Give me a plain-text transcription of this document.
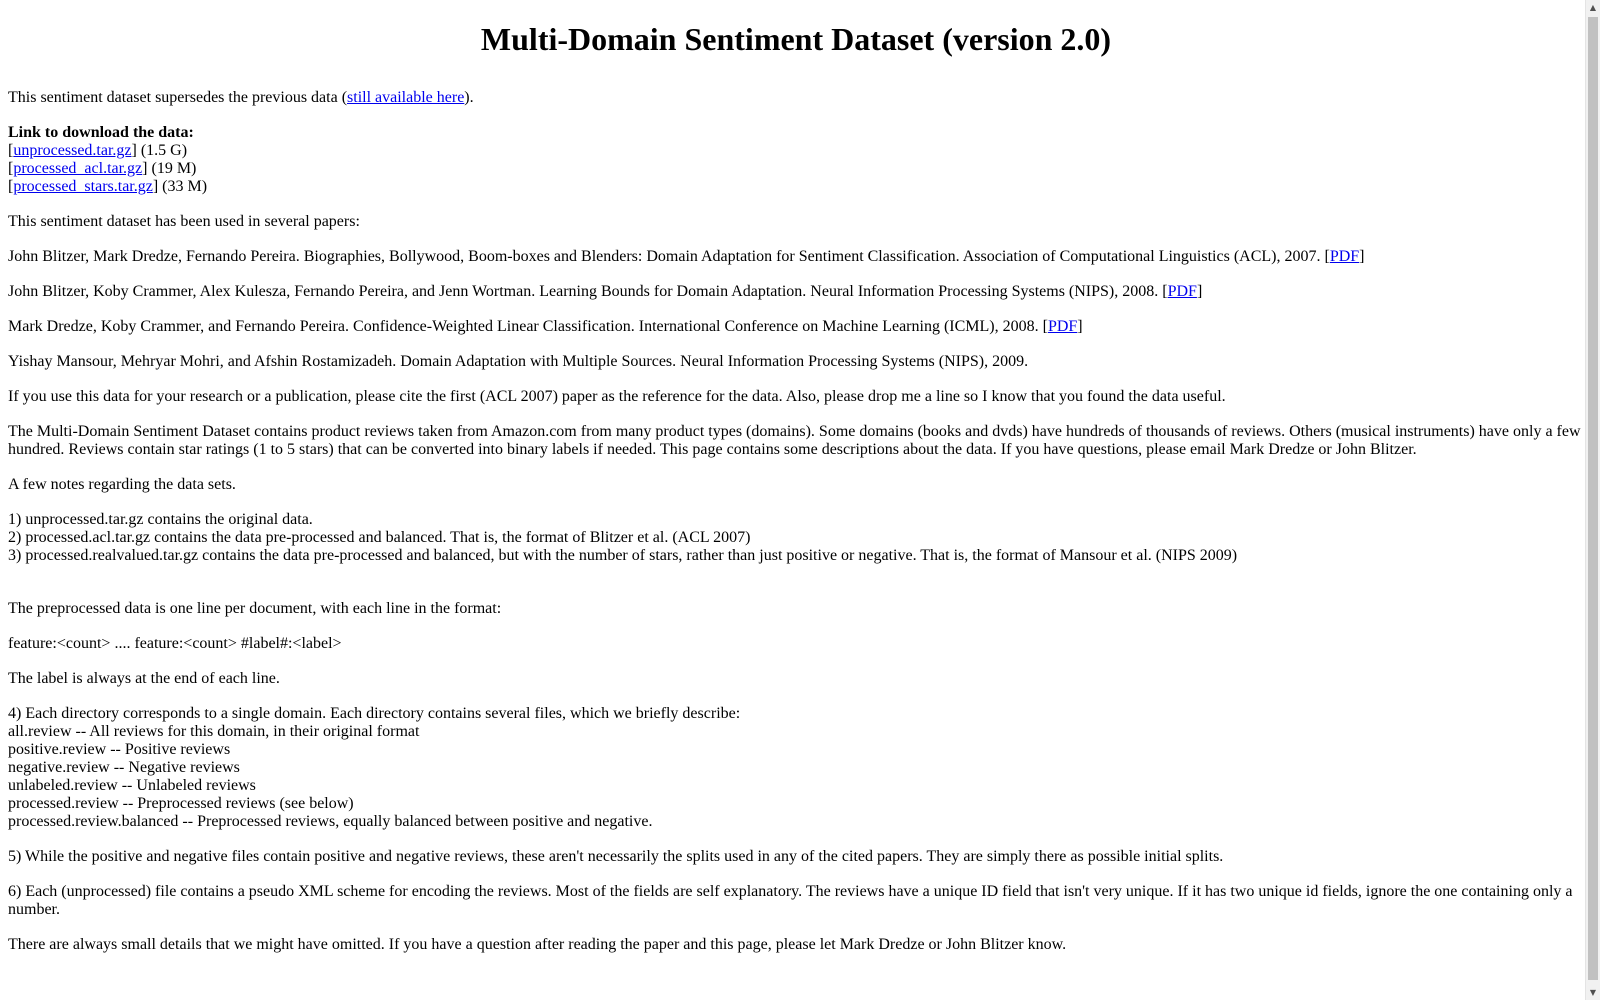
Multi-Domain Sentiment Dataset (version 2.0)

This sentiment dataset supersedes the previous data (still available here).

Link to download the data:
[unprocessed.tar.gz] (1.5 G)
[processed_acl.tar.gz] (19 M)
[processed_stars.tar.gz] (33 M)

This sentiment dataset has been used in several papers:

John Blitzer, Mark Dredze, Fernando Pereira. Biographies, Bollywood, Boom-boxes and Blenders: Domain Adaptation for Sentiment Classification. Association of Computational Linguistics (ACL), 2007. [PDF]

John Blitzer, Koby Crammer, Alex Kulesza, Fernando Pereira, and Jenn Wortman. Learning Bounds for Domain Adaptation. Neural Information Processing Systems (NIPS), 2008. [PDF]

Mark Dredze, Koby Crammer, and Fernando Pereira. Confidence-Weighted Linear Classification. International Conference on Machine Learning (ICML), 2008. [PDF]

Yishay Mansour, Mehryar Mohri, and Afshin Rostamizadeh. Domain Adaptation with Multiple Sources. Neural Information Processing Systems (NIPS), 2009.

If you use this data for your research or a publication, please cite the first (ACL 2007) paper as the reference for the data. Also, please drop me a line so I know that you found the data useful.

The Multi-Domain Sentiment Dataset contains product reviews taken from Amazon.com from many product types (domains). Some domains (books and dvds) have hundreds of thousands of reviews. Others (musical instruments) have only a few hundred. Reviews contain star ratings (1 to 5 stars) that can be converted into binary labels if needed. This page contains some descriptions about the data. If you have questions, please email Mark Dredze or John Blitzer.

A few notes regarding the data sets.

1) unprocessed.tar.gz contains the original data.
2) processed.acl.tar.gz contains the data pre-processed and balanced. That is, the format of Blitzer et al. (ACL 2007)
3) processed.realvalued.tar.gz contains the data pre-processed and balanced, but with the number of stars, rather than just positive or negative. That is, the format of Mansour et al. (NIPS 2009)

The preprocessed data is one line per document, with each line in the format:

feature:<count> .... feature:<count> #label#:<label>

The label is always at the end of each line.

4) Each directory corresponds to a single domain. Each directory contains several files, which we briefly describe:
all.review -- All reviews for this domain, in their original format
positive.review -- Positive reviews
negative.review -- Negative reviews
unlabeled.review -- Unlabeled reviews
processed.review -- Preprocessed reviews (see below)
processed.review.balanced -- Preprocessed reviews, equally balanced between positive and negative.

5) While the positive and negative files contain positive and negative reviews, these aren't necessarily the splits used in any of the cited papers. They are simply there as possible initial splits.

6) Each (unprocessed) file contains a pseudo XML scheme for encoding the reviews. Most of the fields are self explanatory. The reviews have a unique ID field that isn't very unique. If it has two unique id fields, ignore the one containing only a number.

There are always small details that we might have omitted. If you have a question after reading the paper and this page, please let Mark Dredze or John Blitzer know.

▲
▼
